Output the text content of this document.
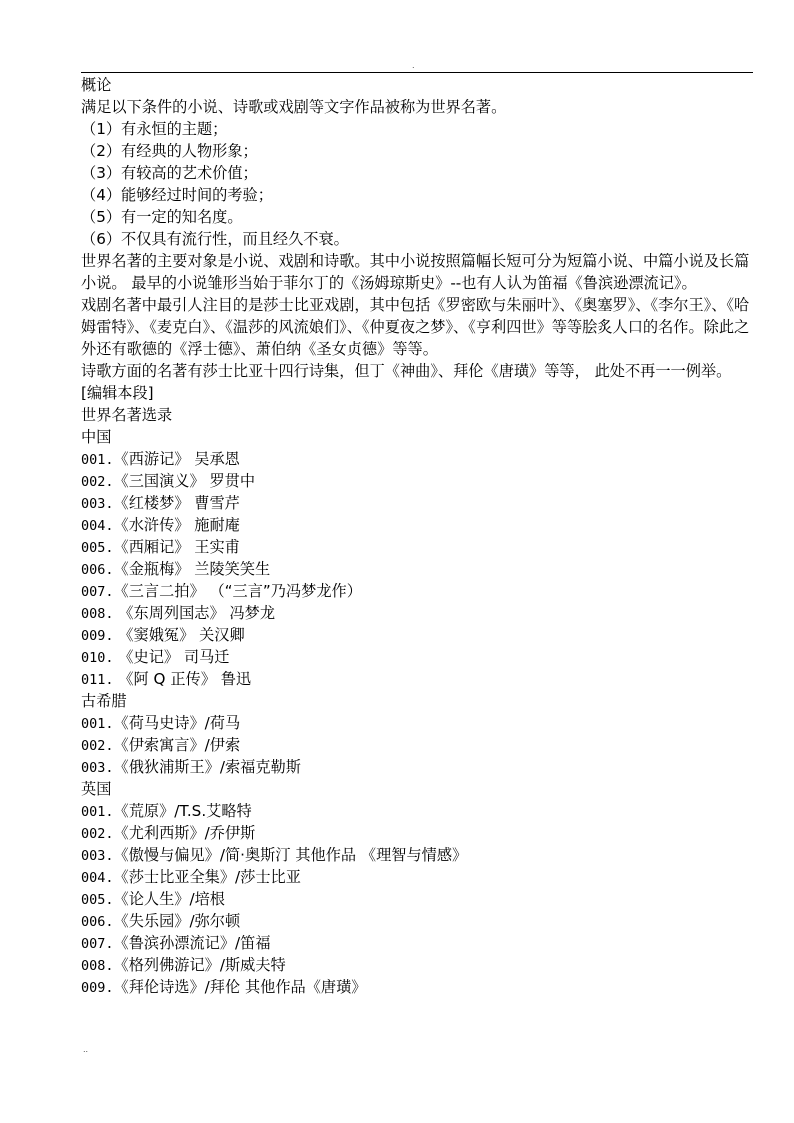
.
概论
满足以下条件的小说、诗歌或戏剧等文字作品被称为世界名著。
（1）有永恒的主题；
（2）有经典的人物形象；
（3）有较高的艺术价值；
（4）能够经过时间的考验；
（5）有一定的知名度。
（6）不仅具有流行性，而且经久不衰。
世界名著的主要对象是小说、戏剧和诗歌。其中小说按照篇幅长短可分为短篇小说、中篇小说及长篇小说。 最早的小说雏形当始于菲尔丁的《汤姆琼斯史》--也有人认为笛福《鲁滨逊漂流记》。
戏剧名著中最引人注目的是莎士比亚戏剧，其中包括《罗密欧与朱丽叶》、《奥塞罗》、《李尔王》、《哈姆雷特》、《麦克白》、《温莎的风流娘们》、《仲夏夜之梦》、《亨利四世》等等脍炙人口的名作。除此之外还有歌德的《浮士德》、萧伯纳《圣女贞德》等等。
诗歌方面的名著有莎士比亚十四行诗集，但丁《神曲》、拜伦《唐璜》等等， 此处不再一一例举。
[编辑本段]
世界名著选录
中国
001.《西游记》 吴承恩
002.《三国演义》 罗贯中
003.《红楼梦》 曹雪芹
004.《水浒传》 施耐庵
005.《西厢记》 王实甫
006.《金瓶梅》 兰陵笑笑生
007.《三言二拍》 （“三言”乃冯梦龙作）
008. 《东周列国志》 冯梦龙
009. 《窦娥冤》 关汉卿
010. 《史记》 司马迁
011. 《阿 Q 正传》 鲁迅
古希腊
001.《荷马史诗》/荷马
002.《伊索寓言》/伊索
003.《俄狄浦斯王》/索福克勒斯
英国
001.《荒原》/T.S.艾略特
002.《尤利西斯》/乔伊斯
003.《傲慢与偏见》/简·奥斯汀 其他作品 《理智与情感》
004.《莎士比亚全集》/莎士比亚
005.《论人生》/培根
006.《失乐园》/弥尔顿
007.《鲁滨孙漂流记》/笛福
008.《格列佛游记》/斯威夫特
009.《拜伦诗选》/拜伦 其他作品《唐璜》
..
